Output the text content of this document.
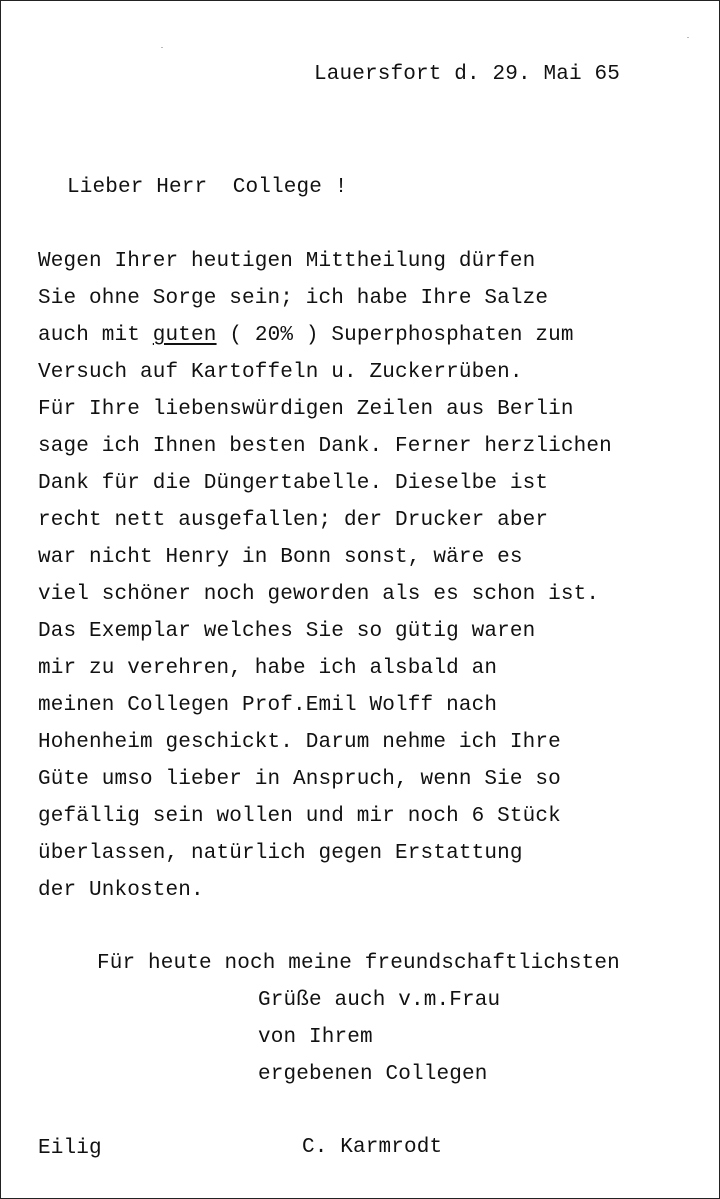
Lauersfort d. 29. Mai 65
Lieber Herr  College !
Wegen Ihrer heutigen Mittheilung dürfen
Sie ohne Sorge sein; ich habe Ihre Salze
auch mit guten ( 20% ) Superphosphaten zum
Versuch auf Kartoffeln u. Zuckerrüben.
Für Ihre liebenswürdigen Zeilen aus Berlin
sage ich Ihnen besten Dank. Ferner herzlichen
Dank für die Düngertabelle. Dieselbe ist
recht nett ausgefallen; der Drucker aber
war nicht Henry in Bonn sonst, wäre es
viel schöner noch geworden als es schon ist.
Das Exemplar welches Sie so gütig waren
mir zu verehren, habe ich alsbald an
meinen Collegen Prof.Emil Wolff nach
Hohenheim geschickt. Darum nehme ich Ihre
Güte umso lieber in Anspruch, wenn Sie so
gefällig sein wollen und mir noch 6 Stück
überlassen, natürlich gegen Erstattung
der Unkosten.
Für heute noch meine freundschaftlichsten
Grüße auch v.m.Frau
von Ihrem
ergebenen Collegen
Eilig	C. Karmrodt
